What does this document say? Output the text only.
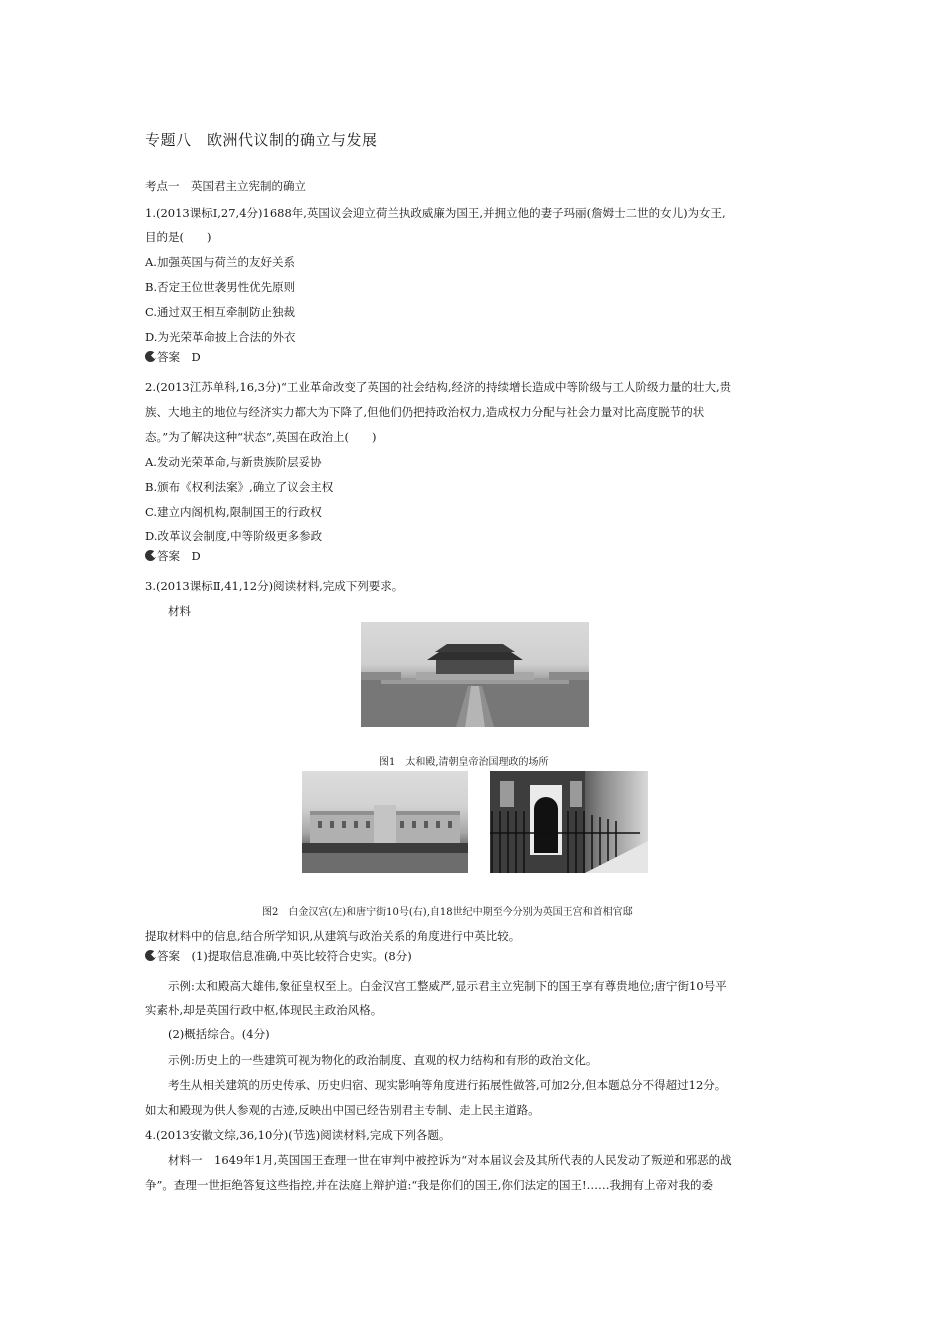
专题八　欧洲代议制的确立与发展
考点一　英国君主立宪制的确立
1.(2013课标Ⅰ,27,4分)1688年,英国议会迎立荷兰执政威廉为国王,并拥立他的妻子玛丽(詹姆士二世的女儿)为女王,
目的是(　　)
A.加强英国与荷兰的友好关系
B.否定王位世袭男性优先原则
C.通过双王相互牵制防止独裁
D.为光荣革命披上合法的外衣
答案　D
2.(2013江苏单科,16,3分)“工业革命改变了英国的社会结构,经济的持续增长造成中等阶级与工人阶级力量的壮大,贵
族、大地主的地位与经济实力都大为下降了,但他们仍把持政治权力,造成权力分配与社会力量对比高度脱节的状
态。”为了解决这种“状态”,英国在政治上(　　)
A.发动光荣革命,与新贵族阶层妥协
B.颁布《权利法案》,确立了议会主权
C.建立内阁机构,限制国王的行政权
D.改革议会制度,中等阶级更多参政
答案　D
3.(2013课标Ⅱ,41,12分)阅读材料,完成下列要求。
材料
图1　太和殿,清朝皇帝治国理政的场所
图2　白金汉宫(左)和唐宁街10号(右),自18世纪中期至今分别为英国王宫和首相官邸
提取材料中的信息,结合所学知识,从建筑与政治关系的角度进行中英比较。
答案　(1)提取信息准确,中英比较符合史实。(8分)
示例:太和殿高大雄伟,象征皇权至上。白金汉宫工整威严,显示君主立宪制下的国王享有尊贵地位;唐宁街10号平
实素朴,却是英国行政中枢,体现民主政治风格。
(2)概括综合。(4分)
示例:历史上的一些建筑可视为物化的政治制度、直观的权力结构和有形的政治文化。
考生从相关建筑的历史传承、历史归宿、现实影响等角度进行拓展性做答,可加2分,但本题总分不得超过12分。
如太和殿现为供人参观的古迹,反映出中国已经告别君主专制、走上民主道路。
4.(2013安徽文综,36,10分)(节选)阅读材料,完成下列各题。
材料一　1649年1月,英国国王查理一世在审判中被控诉为“对本届议会及其所代表的人民发动了叛逆和邪恶的战
争”。查理一世拒绝答复这些指控,并在法庭上辩护道:“我是你们的国王,你们法定的国王!……我拥有上帝对我的委
